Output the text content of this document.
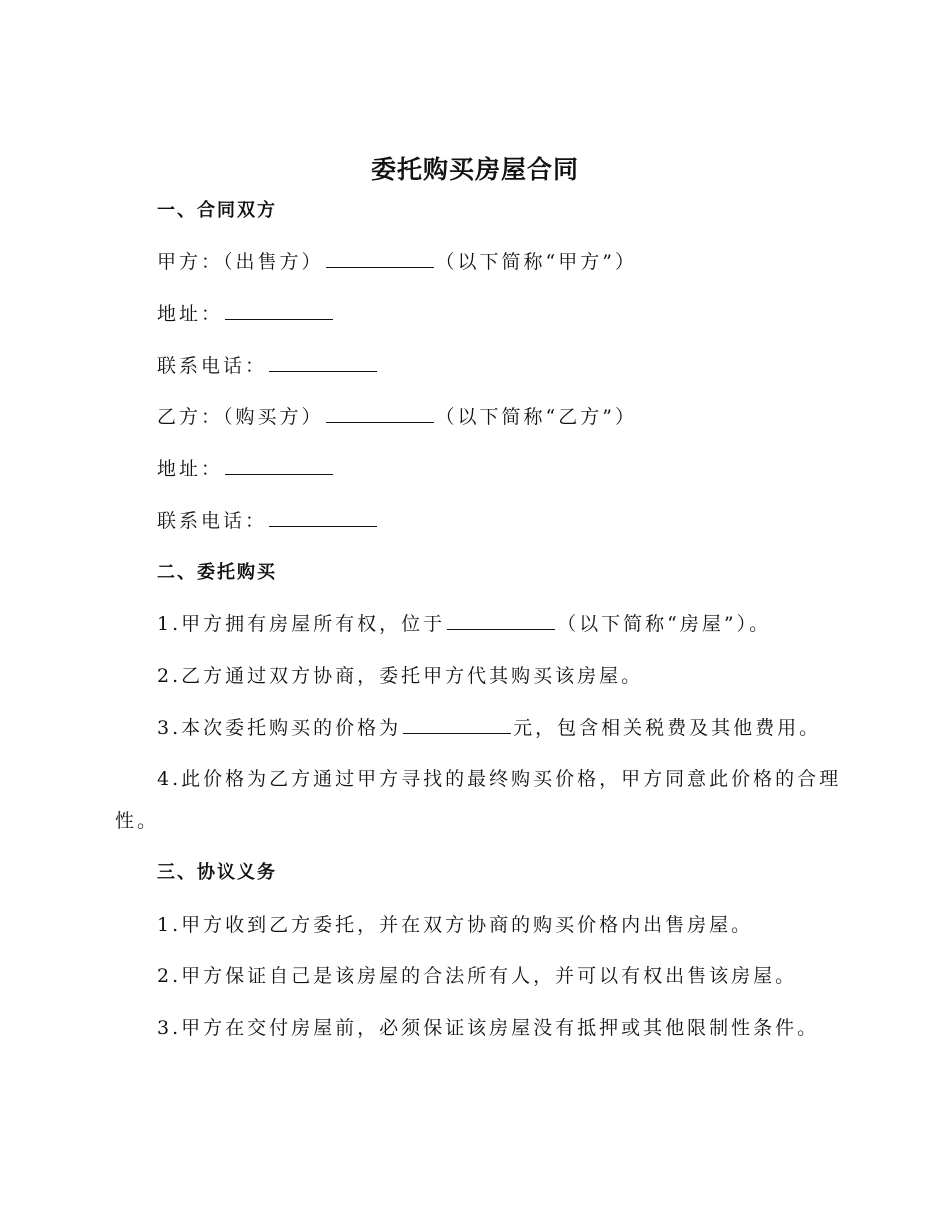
委托购买房屋合同
一、合同双方
甲方：（出售方）	（以下简称“甲方”）
地址：
联系电话：
乙方：（购买方）	（以下简称“乙方”）
地址：
联系电话：
二、委托购买
1.甲方拥有房屋所有权，位于	（以下简称“房屋”）。
2.乙方通过双方协商，委托甲方代其购买该房屋。
3.本次委托购买的价格为	元，包含相关税费及其他费用。
4.此价格为乙方通过甲方寻找的最终购买价格，甲方同意此价格的合理
性。
三、协议义务
1.甲方收到乙方委托，并在双方协商的购买价格内出售房屋。
2.甲方保证自己是该房屋的合法所有人，并可以有权出售该房屋。
3.甲方在交付房屋前，必须保证该房屋没有抵押或其他限制性条件。
